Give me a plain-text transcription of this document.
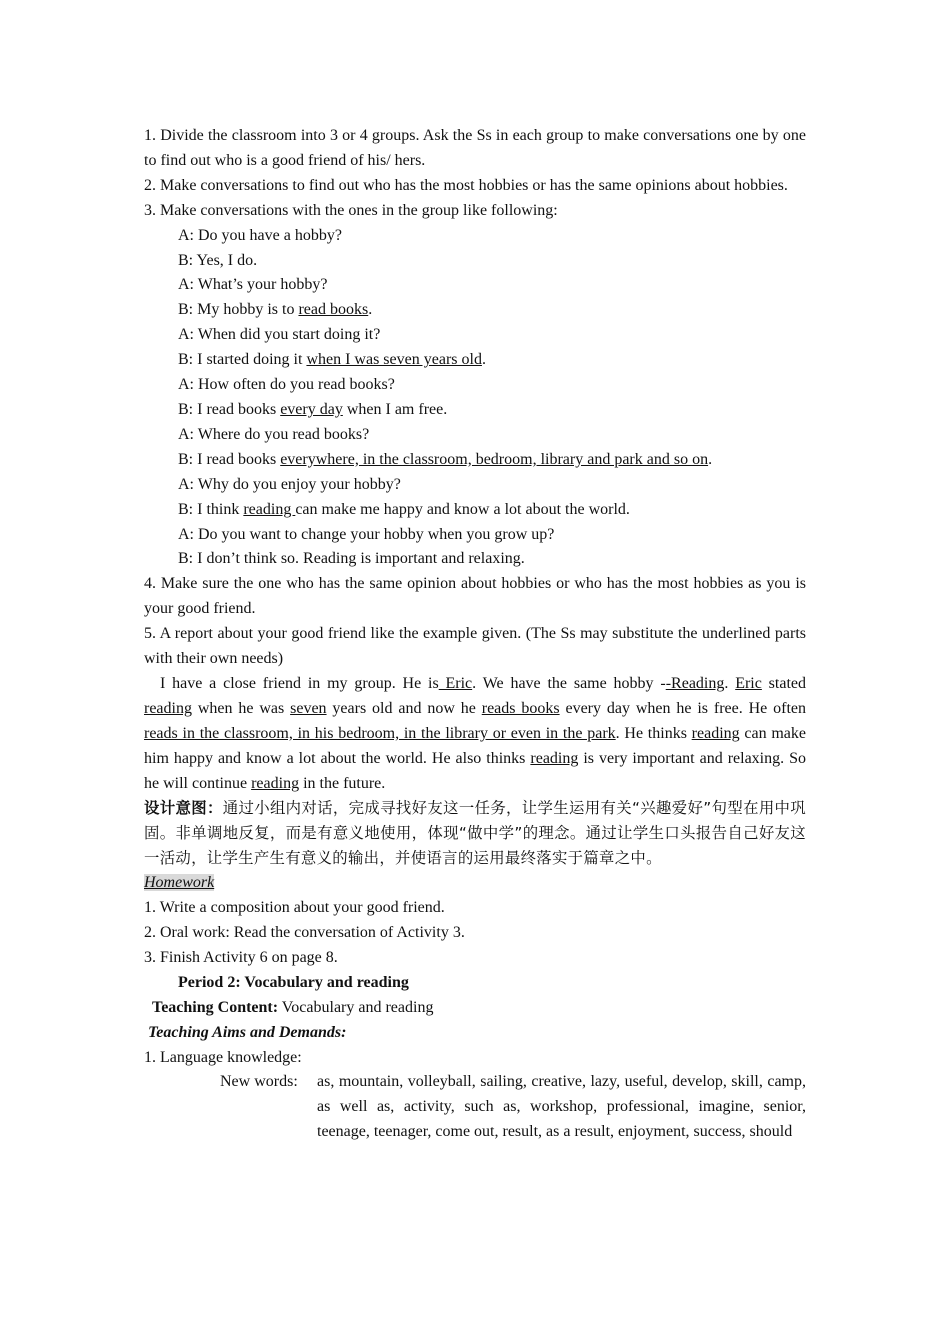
1. Divide the classroom into 3 or 4 groups. Ask the Ss in each group to make conversations one by one to find out who is a good friend of his/ hers.

2. Make conversations to find out who has the most hobbies or has the same opinions about hobbies.

3. Make conversations with the ones in the group like following:

A: Do you have a hobby?

B: Yes, I do.

A: What’s your hobby?

B: My hobby is to read books.

A: When did you start doing it?

B: I started doing it when I was seven years old.

A: How often do you read books?

B: I read books every day when I am free.

A: Where do you read books?

B: I read books everywhere, in the classroom, bedroom, library and park and so on.

A: Why do you enjoy your hobby?

B: I think reading can make me happy and know a lot about the world.

A: Do you want to change your hobby when you grow up?

B: I don’t think so. Reading is important and relaxing.

4. Make sure the one who has the same opinion about hobbies or who has the most hobbies as you is your good friend.

5. A report about your good friend like the example given. (The Ss may substitute the underlined parts with their own needs)

I have a close friend in my group. He is Eric. We have the same hobby --Reading. Eric stated reading when he was seven years old and now he reads books every day when he is free. He often reads in the classroom, in his bedroom, in the library or even in the park. He thinks reading can make him happy and know a lot about the world. He also thinks reading is very important and relaxing. So he will continue reading in the future.

设计意图：通过小组内对话，完成寻找好友这一任务，让学生运用有关“兴趣爱好”句型在用中巩固。非单调地反复，而是有意义地使用，体现“做中学”的理念。通过让学生口头报告自己好友这一活动，让学生产生有意义的输出，并使语言的运用最终落实于篇章之中。

Homework

1. Write a composition about your good friend.

2. Oral work: Read the conversation of Activity 3.

3. Finish Activity 6 on page 8.

Period 2: Vocabulary and reading

Teaching Content: Vocabulary and reading

Teaching Aims and Demands:

1. Language knowledge:

New words:	as, mountain, volleyball, sailing, creative, lazy, useful, develop, skill, camp, as well as, activity, such as, workshop, professional, imagine, senior, teenage, teenager, come out, result, as a result, enjoyment, success, should
